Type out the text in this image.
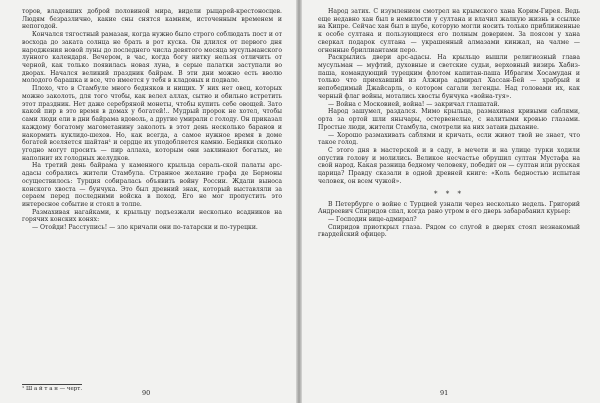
торов, владевших доброй половиной мира, видели рыцарей-крестоносцев. Людям безразлично, какие сны снятся камням, источенным временем и непогодой.

Кончался тягостный рамазан, когда нужно было строго соблюдать пост и от восхода до заката солнца не брать в рот куска. Он длился от первого дня народжения новой луны до последнего числа девятого месяца мусульманского лунного календаря. Вечером, в час, когда богу нитку нельзя отличить от черной, как только появилась новая луна, в серые палатки заступали во дворах. Начался великий праздник байрам. В эти дни можно есть вволю молодого барашка и все, что имеется у тебя в кладовых и подвале.

Плохо, что в Стамбуле много бедняков и нищих. У них нет овец, которых можно заколоть, для того чтобы, как велел аллах, сытно и обильно встретить этот праздник. Нет даже серебряной монеты, чтобы купить себе овощей. Зато какой пир в это время в домах у богатей!.. Мудрый пророк не хотел, чтобы сами люди ели в дни байрама вдоволь, а другие умирали с голоду. Он приказал каждому богатому магометанину заколоть в этот день несколько баранов и накормить куклидо-шехов. Но, как всегда, а самое нужное время в доме богатей вселяется шайтан¹ и сердце их уподобляется камню. Бедняки сколько угодно могут просить — пир аллаха, которым они заклинают богатых, не наполнит их голодных желудков.

На третий день байрама у каменного крыльца сераль-ской палаты арс-адасы собрались жители Стамбула. Странное желание графа де Бермоны осуществилось: Турция собиралась объявить войну России. Ждали выноса конского хвоста — бунчука. Это был древний знак, который выставляли за сераем перед последними войска в поход. Его не мог пропустить это интересное событие и стоял в толпе.

Размахивая нагайками, к крыльцу подъезжали несколько всадников на горячих конских конях:

— Отойди! Расступись! — зло кричали они по-татарски и по-турецки.

¹ Ш а й т а н — черт.	90

Народ затих. С изумлением смотрел на крымского хана Корим-Гирея. Ведь еще недавно хан был в немилости у султана и влачил жалкую жизнь в ссылке на Кипре. Сейчас хан был в шубе, которую могли носить только приближенные к особе султана и пользующиеся его полным доверием. За поясом у хана сверкал подарок султана — украшенный алмазами кинжал, на чалме — огненные бриллиантами перо.

Раскрылись двери арс-адасы. На крыльцо вышли религиозный глава мусульман — муфтий, духовные и светские судьи, верховный визирь Хабиз-паша, командующий турецким флотом капитан-паша Ибрагим Хосамудан и только что приехавший из Алжира адмирал Хассан-Бей — храбрый и непобедимый Джайсарль, о котором сагали легенды. Над головами их, как черный флаг войны, мотались хвосты бунчука «война-туя».

— Война с Московией, война! — закричал глашатай.

Народ зашумел, раздался. Мимо крыльца, размахивая кривыми саблями, орта за ортой шли янычары, остервенелые, с налитыми кровью глазами. Простые люди, жители Стамбула, смотрели на них затаив дыхание.

— Хорошо размахивать саблями и кричать, если живот твой не знает, что такое голод.

С этого дня в мастерской и в саду, в мечети и на улице турки ходили опустив голову и молились. Великое несчастье обрушил султан Мустафа на свой народ. Какая разница бедному человеку, победит он — султан или русская царица? Правду сказали в одной древней книге: «Коль бедностью испытан человек, он всем чужой».

* * *

В Петербурге о войне с Турцией узнали через несколько недель. Григорий Андреевич Спиридов спал, когда рано утром в его дверь забарабанил курьер:

— Господин вице-адмирал?

Спиридов приоткрыл глаза. Рядом со слугой в дверях стоял незнакомый гвардейский офицер.

91
